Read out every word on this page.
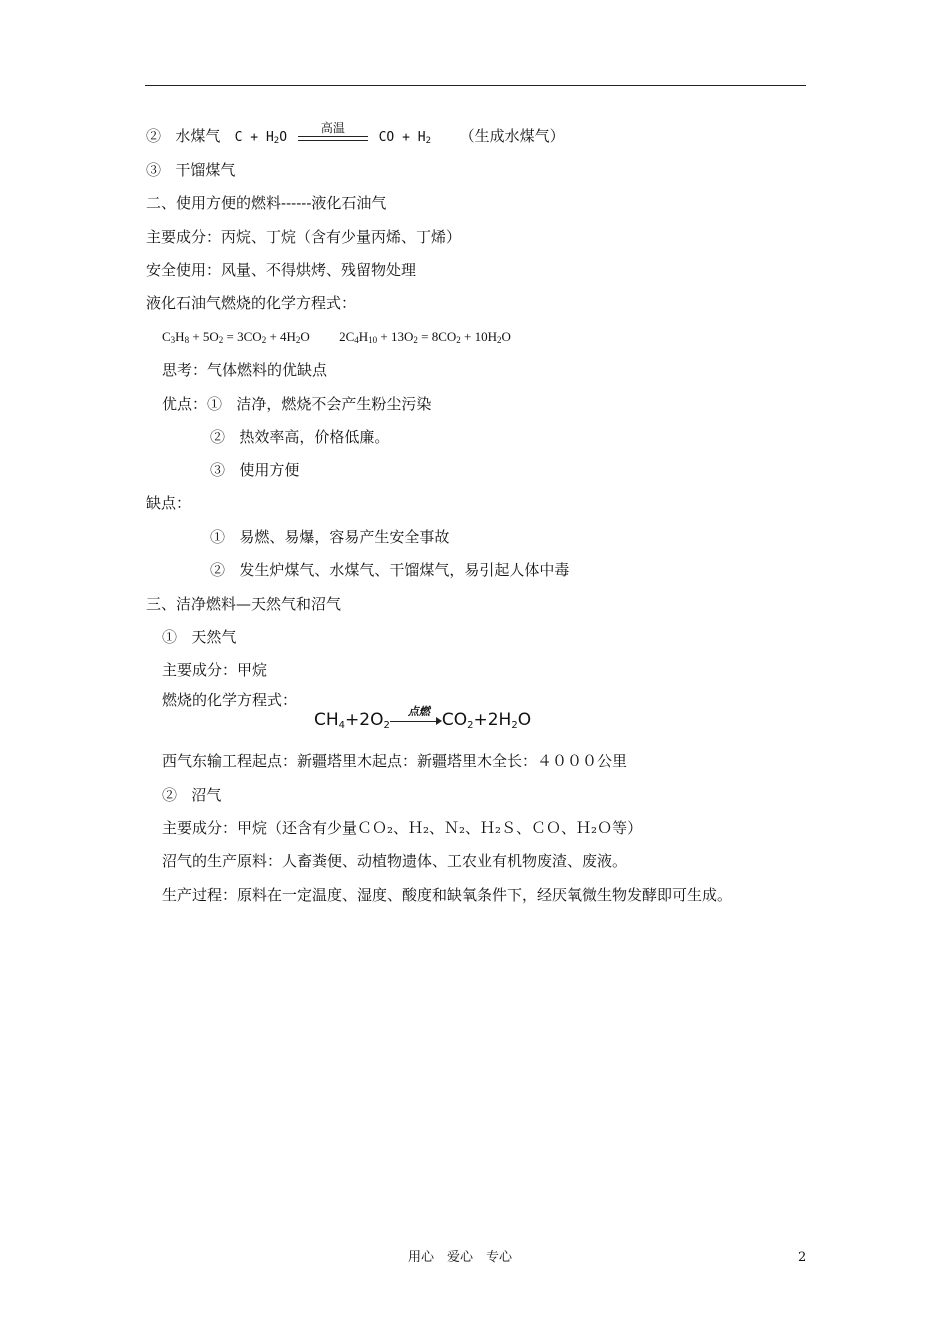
② 水煤气 $C + H_2O$
高温
CO + $H_2$ （生成水煤气）
③ 干馏煤气
二、使用方便的燃料------液化石油气
主要成分：丙烷、丁烷（含有少量丙烯、丁烯）
安全使用：风量、不得烘烤、残留物处理
液化石油气燃烧的化学方程式：
$C_3H_8 + 5O_2 = 3CO_2 + 4H_2O$ $2C_4H_{10} + 13O_2 = 8CO_2 + 10H_2O$
思考：气体燃料的优缺点
优点：① 洁净，燃烧不会产生粉尘污染
② 热效率高，价格低廉。
③ 使用方便
缺点：
① 易燃、易爆，容易产生安全事故
② 发生炉煤气、水煤气、干馏煤气，易引起人体中毒
三、洁净燃料—天然气和沼气
① 天然气
主要成分：甲烷
燃烧的化学方程式：
$CH_4+2O_2$
点燃 $CO_2+2H_2O$
西气东输工程起点：新疆塔里木起点：新疆塔里木全长：４０００公里
② 沼气
主要成分：甲烷（还含有少量ＣＯ₂、Ｈ₂、Ｎ₂、Ｈ₂Ｓ、ＣＯ、Ｈ₂Ｏ等）
沼气的生产原料：人畜粪便、动植物遗体、工农业有机物废渣、废液。
生产过程：原料在一定温度、湿度、酸度和缺氧条件下，经厌氧微生物发酵即可生成。
用心　爱心　专心	2
